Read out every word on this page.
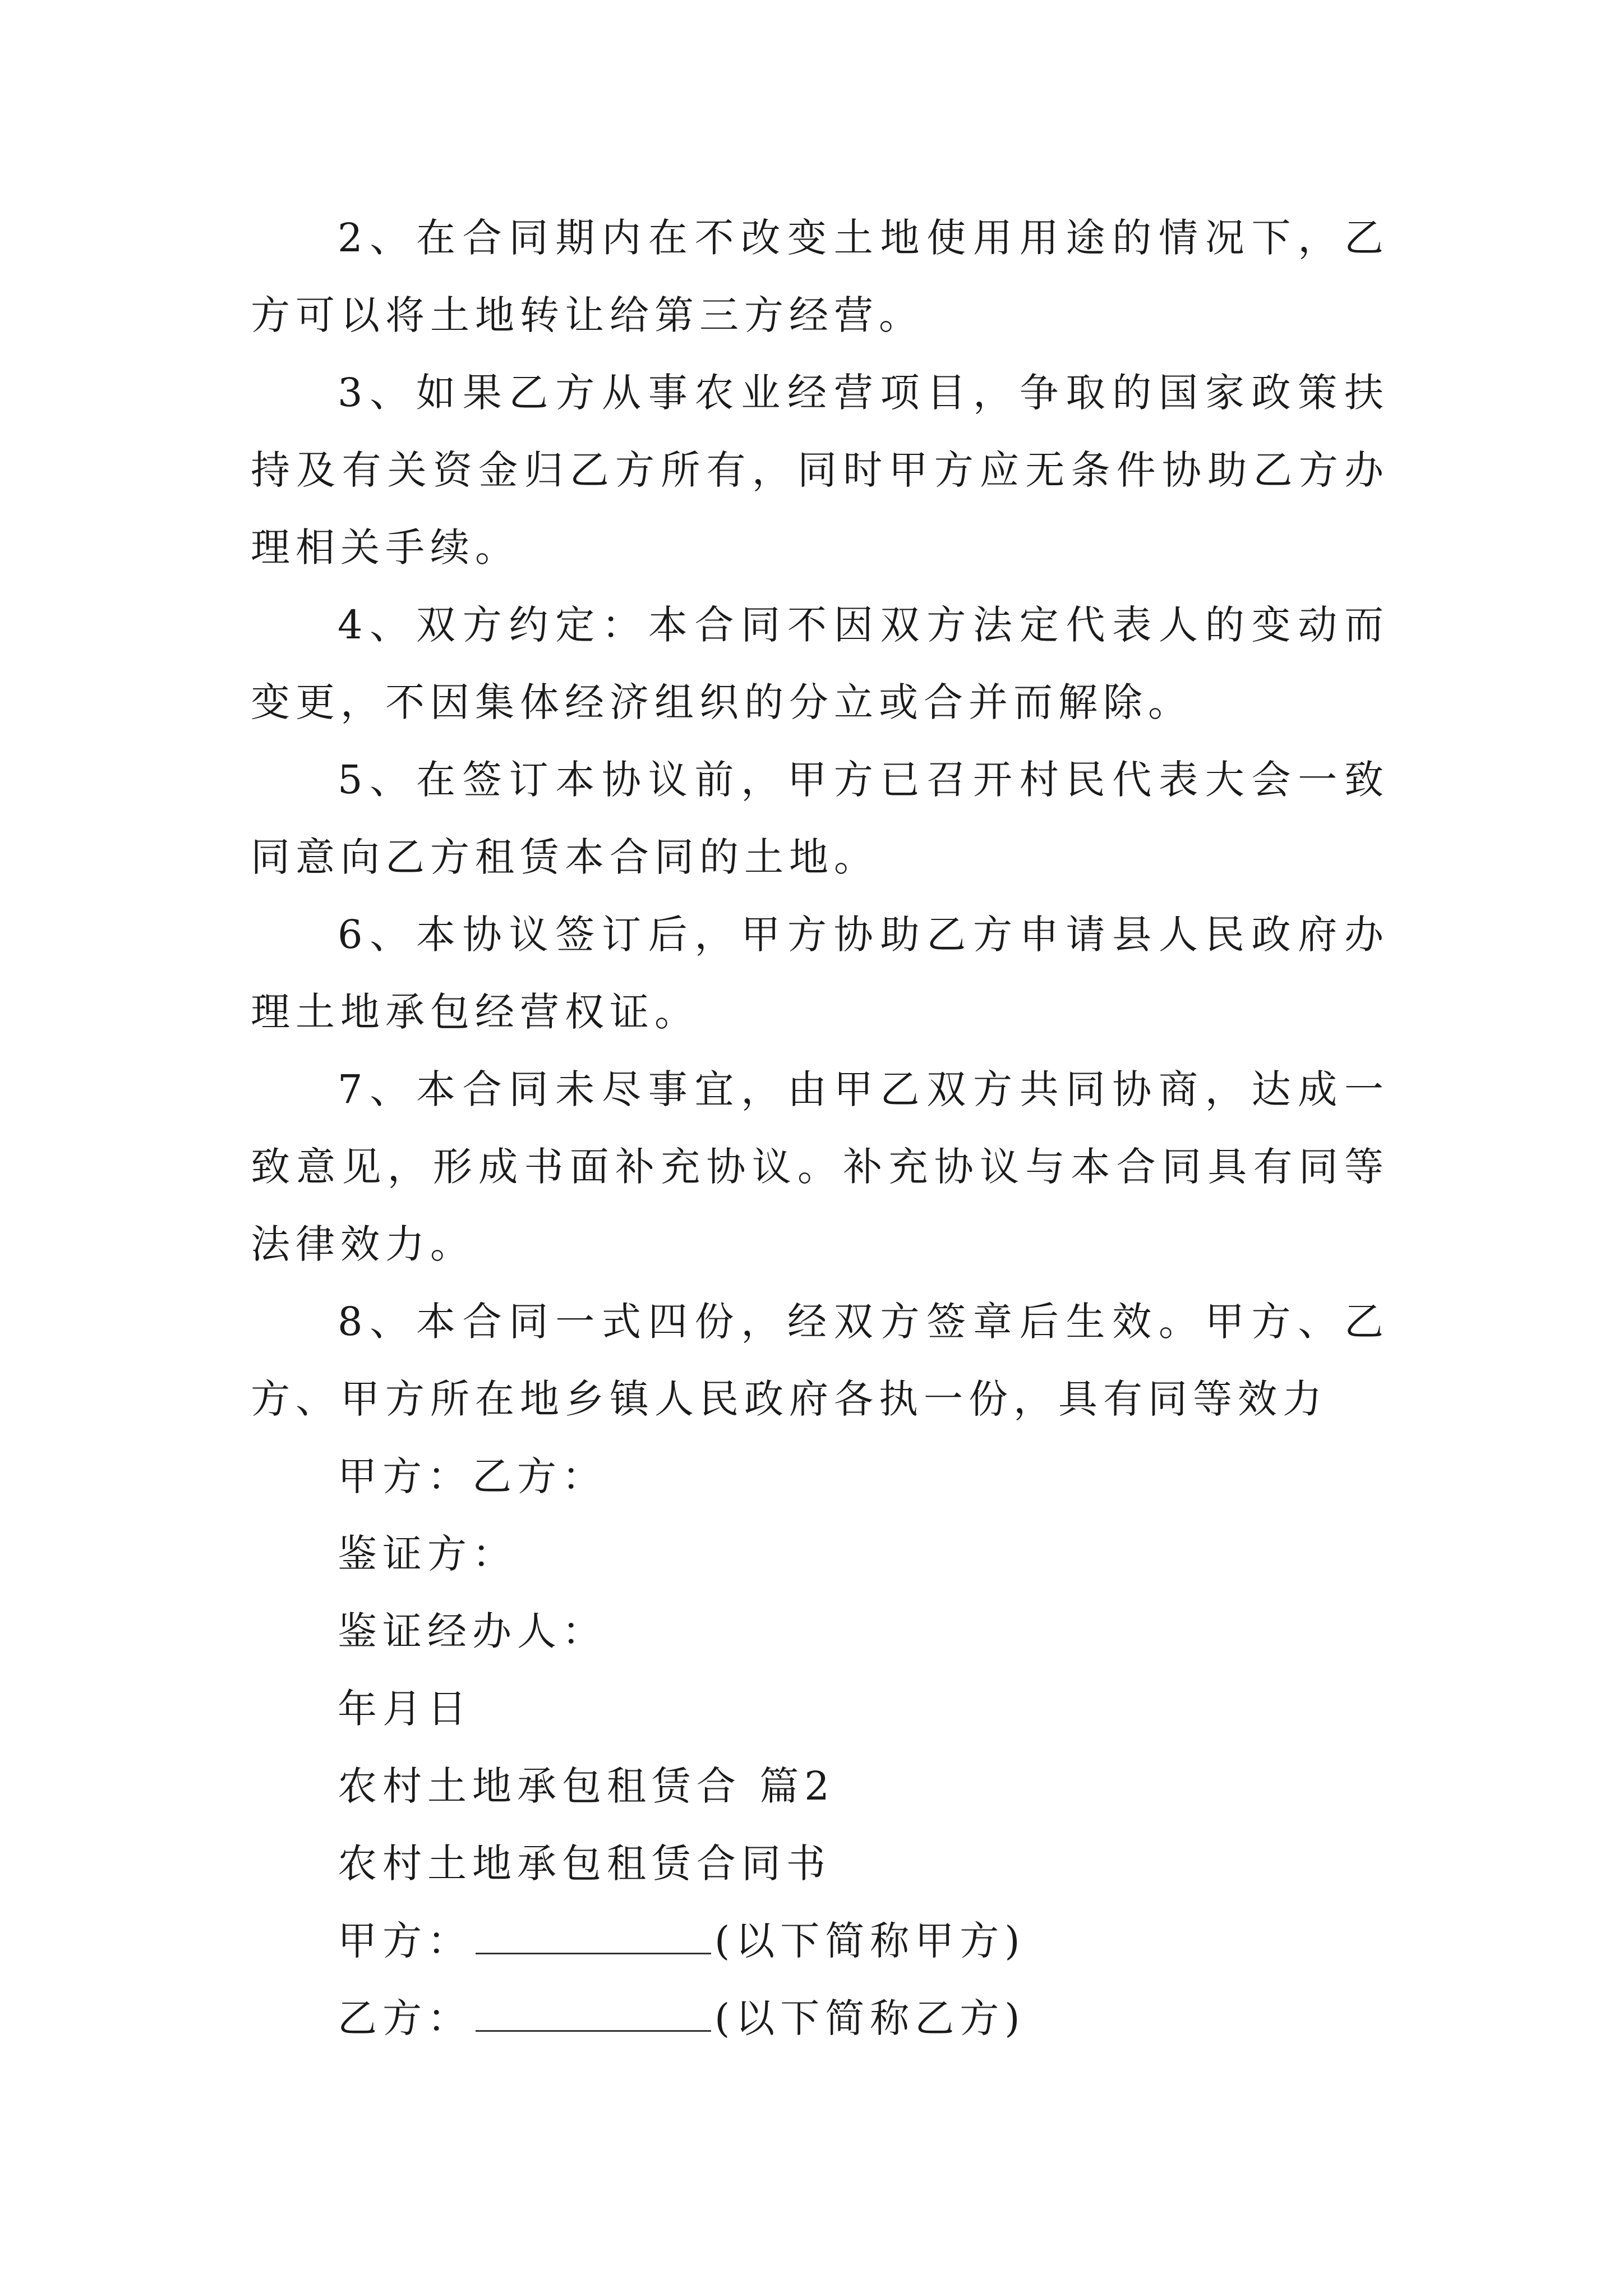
2、在合同期内在不改变土地使用用途的情况下，乙方可以将土地转让给第三方经营。

3、如果乙方从事农业经营项目，争取的国家政策扶持及有关资金归乙方所有，同时甲方应无条件协助乙方办理相关手续。

4、双方约定：本合同不因双方法定代表人的变动而变更，不因集体经济组织的分立或合并而解除。

5、在签订本协议前，甲方已召开村民代表大会一致同意向乙方租赁本合同的土地。

6、本协议签订后，甲方协助乙方申请县人民政府办理土地承包经营权证。

7、本合同未尽事宜，由甲乙双方共同协商，达成一致意见，形成书面补充协议。补充协议与本合同具有同等法律效力。

8、本合同一式四份，经双方签章后生效。甲方、乙方、甲方所在地乡镇人民政府各执一份，具有同等效力

甲方：乙方：

鉴证方：

鉴证经办人：

年月日

农村土地承包租赁合 篇2

农村土地承包租赁合同书

甲方：	(以下简称甲方)

乙方：	(以下简称乙方)
